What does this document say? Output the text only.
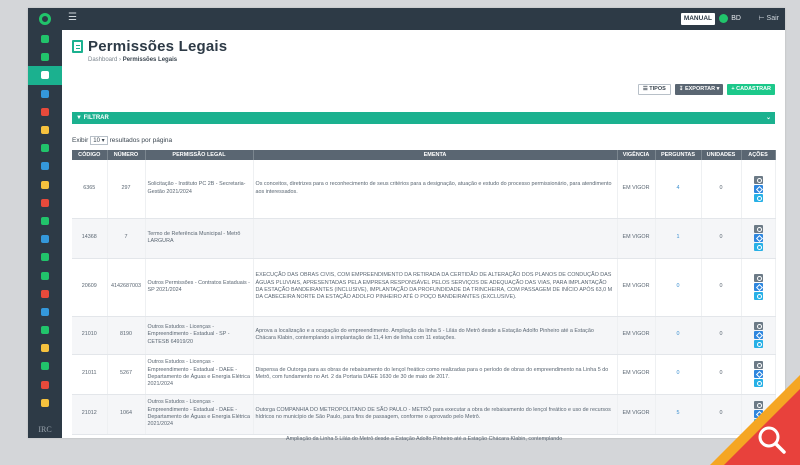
IRC
☰	MANUAL	BD ⊢ Sair
Permissões Legais
Dashboard › Permissões Legais
☰ TIPOS	↧ EXPORTAR ▾	+ CADASTRAR
▼ FILTRAR	⌄
Exibir 10 ▾ resultados por página
CÓDIGO	NÚMERO	PERMISSÃO LEGAL	EMENTA	VIGÊNCIA	PERGUNTAS	UNIDADES	AÇÕES
6365	297	Solicitação - Instituto PC 2B - Secretaria-Gestão 2021/2024	Os conceitos, diretrizes para o reconhecimento de seus critérios para a designação, atuação e estudo do processo permissionário, para atendimento aos interessados.	EM VIGOR	4	0	

14368	7	Termo de Referência Municipal - Metrô LARGURA		EM VIGOR	1	0	

20609	4142687003	Outros Permissões - Contratos Estaduais - SP 2021/2024	EXECUÇÃO DAS OBRAS CIVIS, COM EMPREENDIMENTO DA RETIRADA DA CERTIDÃO DE ALTERAÇÃO DOS PLANOS DE CONDUÇÃO DAS ÁGUAS PLUVIAIS, APRESENTADAS PELA EMPRESA RESPONSÁVEL PELOS SERVIÇOS DE ADEQUAÇÃO DAS VIAS, PARA IMPLANTAÇÃO DA ESTAÇÃO BANDEIRANTES (INCLUSIVE), IMPLANTAÇÃO DA PROFUNDIDADE DA TRINCHEIRA, COM PASSAGEM DE INÍCIO APÓS 63,0 M DA CABECEIRA NORTE DA ESTAÇÃO ADOLFO PINHEIRO ATÉ O POÇO BANDEIRANTES (EXCLUSIVE).	EM VIGOR	0	0	

21010	8190	Outros Estudos - Licenças - Empreendimento - Estadual - SP - CETESB 64919/20	Aprova a localização e a ocupação do empreendimento. Ampliação da linha 5 - Lilás do Metrô desde a Estação Adolfo Pinheiro até a Estação Chácara Klabin, contemplando a implantação de 11,4 km de linha com 11 estações.	EM VIGOR	0	0	

21011	5267	Outros Estudos - Licenças - Empreendimento - Estadual - DAEE - Departamento de Águas e Energia Elétrica 2021/2024	Dispensa de Outorga para as obras de rebaixamento do lençol freático como realizadas para o período de obras do empreendimento na Linha 5 do Metrô, com fundamento no Art. 2 da Portaria DAEE 1630 de 30 de maio de 2017.	EM VIGOR	0	0	

21012	1064	Outros Estudos - Licenças - Empreendimento - Estadual - DAEE - Departamento de Águas e Energia Elétrica 2021/2024	Outorga COMPANHIA DO METROPOLITANO DE SÃO PAULO - METRÔ para executar a obra de rebaixamento do lençol freático e uso de recursos hídricos no município de São Paulo, para fins de passagem, conforme o aprovado pelo Metrô.	EM VIGOR	5	0	
Ampliação da Linha 5 Lilás do Metrô desde a Estação Adolfo Pinheiro até a Estação Chácara Klabin, contemplando
